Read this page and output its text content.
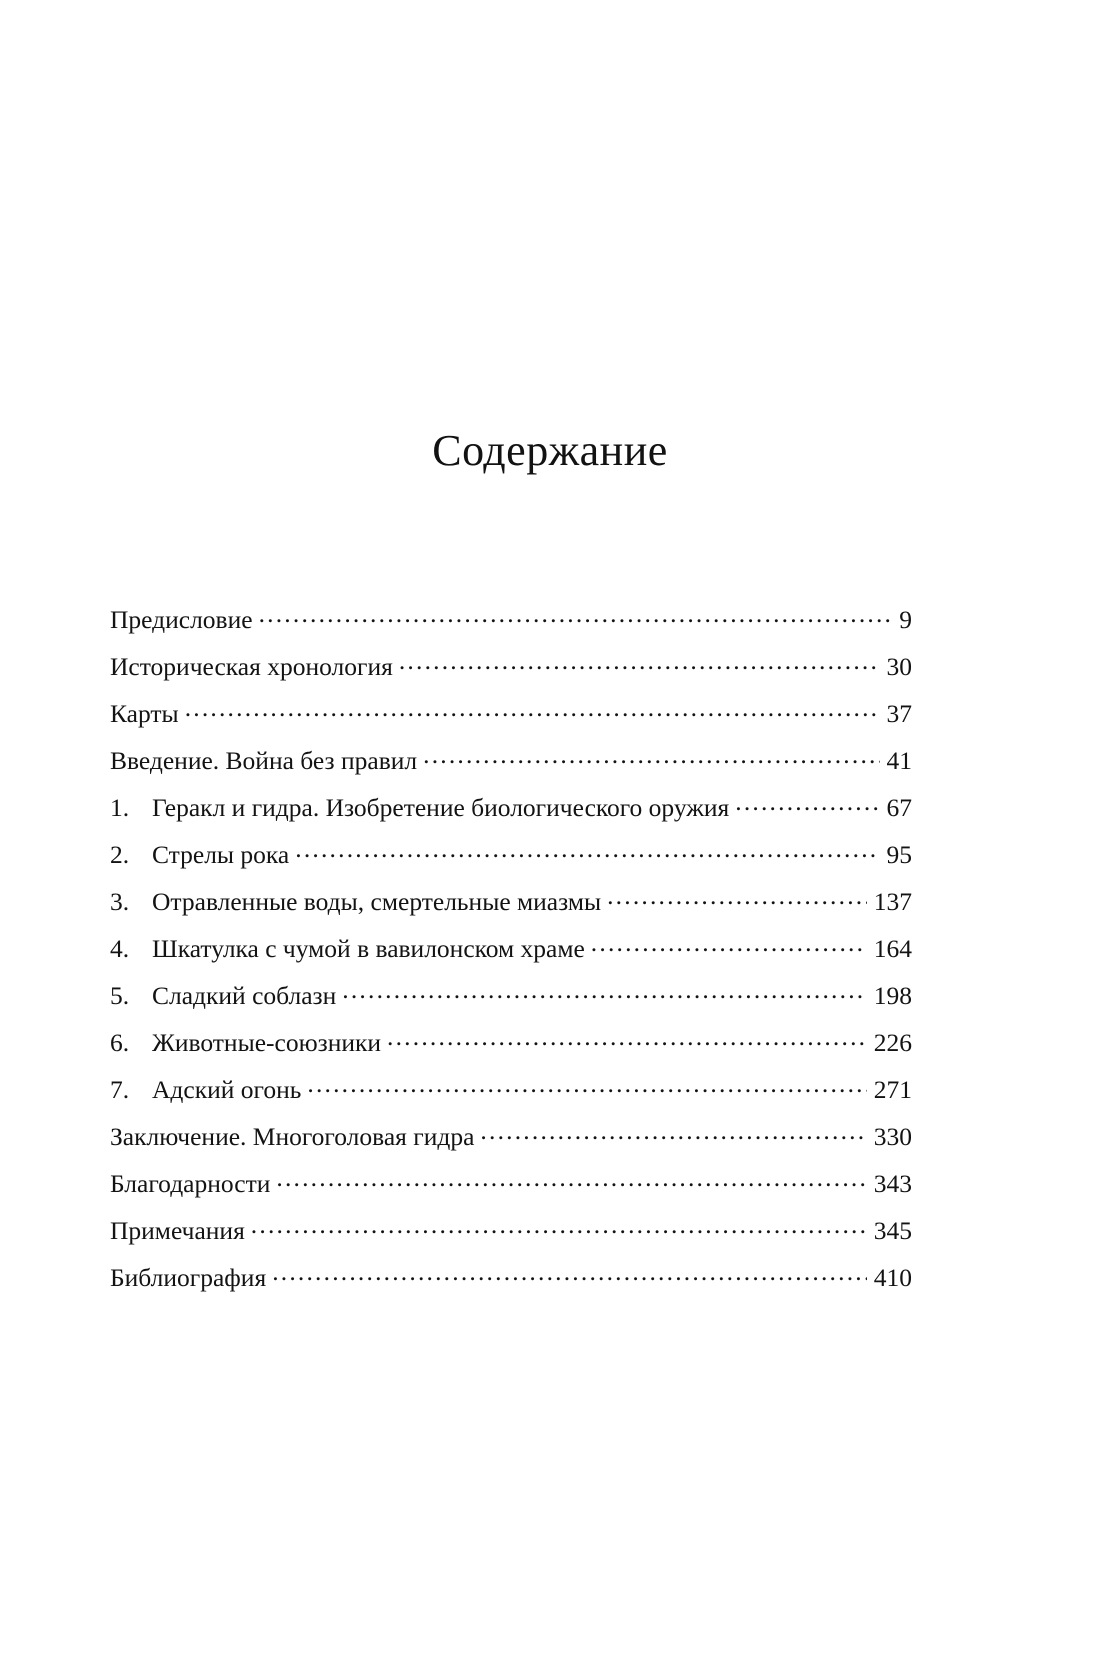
Содержание
Предисловие .....	9
Историческая хронология .....	30
Карты .....	37
Введение. Война без правил .....	41
1. Геракл и гидра. Изобретение биологического оружия .....	67
2. Стрелы рока .....	95
3. Отравленные воды, смертельные миазмы .....	137
4. Шкатулка с чумой в вавилонском храме .....	164
5. Сладкий соблазн .....	198
6. Животные-союзники .....	226
7. Адский огонь .....	271
Заключение. Многоголовая гидра .....	330
Благодарности .....	343
Примечания .....	345
Библиография .....	410
